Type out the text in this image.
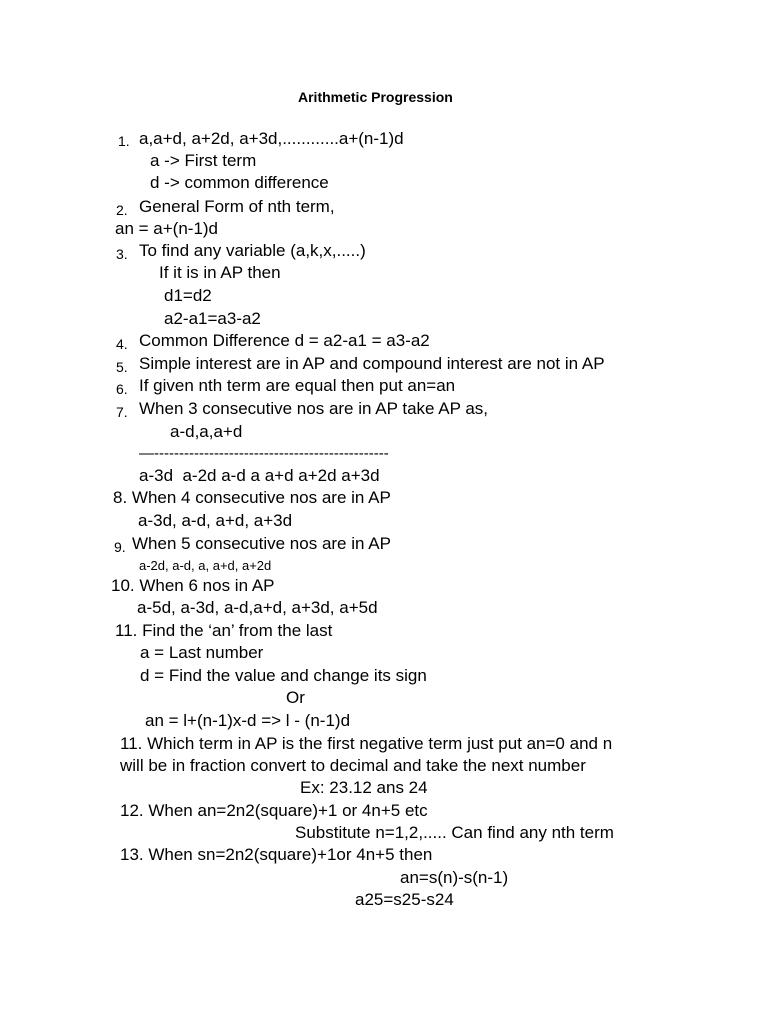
Arithmetic Progression
1. a,a+d, a+2d, a+3d,............a+(n-1)d
a -> First term
d -> common difference
2. General Form of nth term,
an = a+(n-1)d
3. To find any variable (a,k,x,.....)
If it is in AP then
d1=d2
a2-a1=a3-a2
4. Common Difference d = a2-a1 = a3-a2
5. Simple interest are in AP and compound interest are not in AP
6. If given nth term are equal then put an=an
7. When 3 consecutive nos are in AP take AP as,
a-d,a,a+d
—-----------------------------------------------
a-3d  a-2d a-d a a+d a+2d a+3d
8. When 4 consecutive nos are in AP
a-3d, a-d, a+d, a+3d
9. When 5 consecutive nos are in AP
a-2d, a-d, a, a+d, a+2d
10. When 6 nos in AP
a-5d, a-3d, a-d,a+d, a+3d, a+5d
11. Find the ‘an’ from the last
a = Last number
d = Find the value and change its sign
Or
an = l+(n-1)x-d => l - (n-1)d
11. Which term in AP is the first negative term just put an=0 and n
will be in fraction convert to decimal and take the next number
Ex: 23.12 ans 24
12. When an=2n2(square)+1 or 4n+5 etc
Substitute n=1,2,..... Can find any nth term
13. When sn=2n2(square)+1or 4n+5 then
an=s(n)-s(n-1)
a25=s25-s24
